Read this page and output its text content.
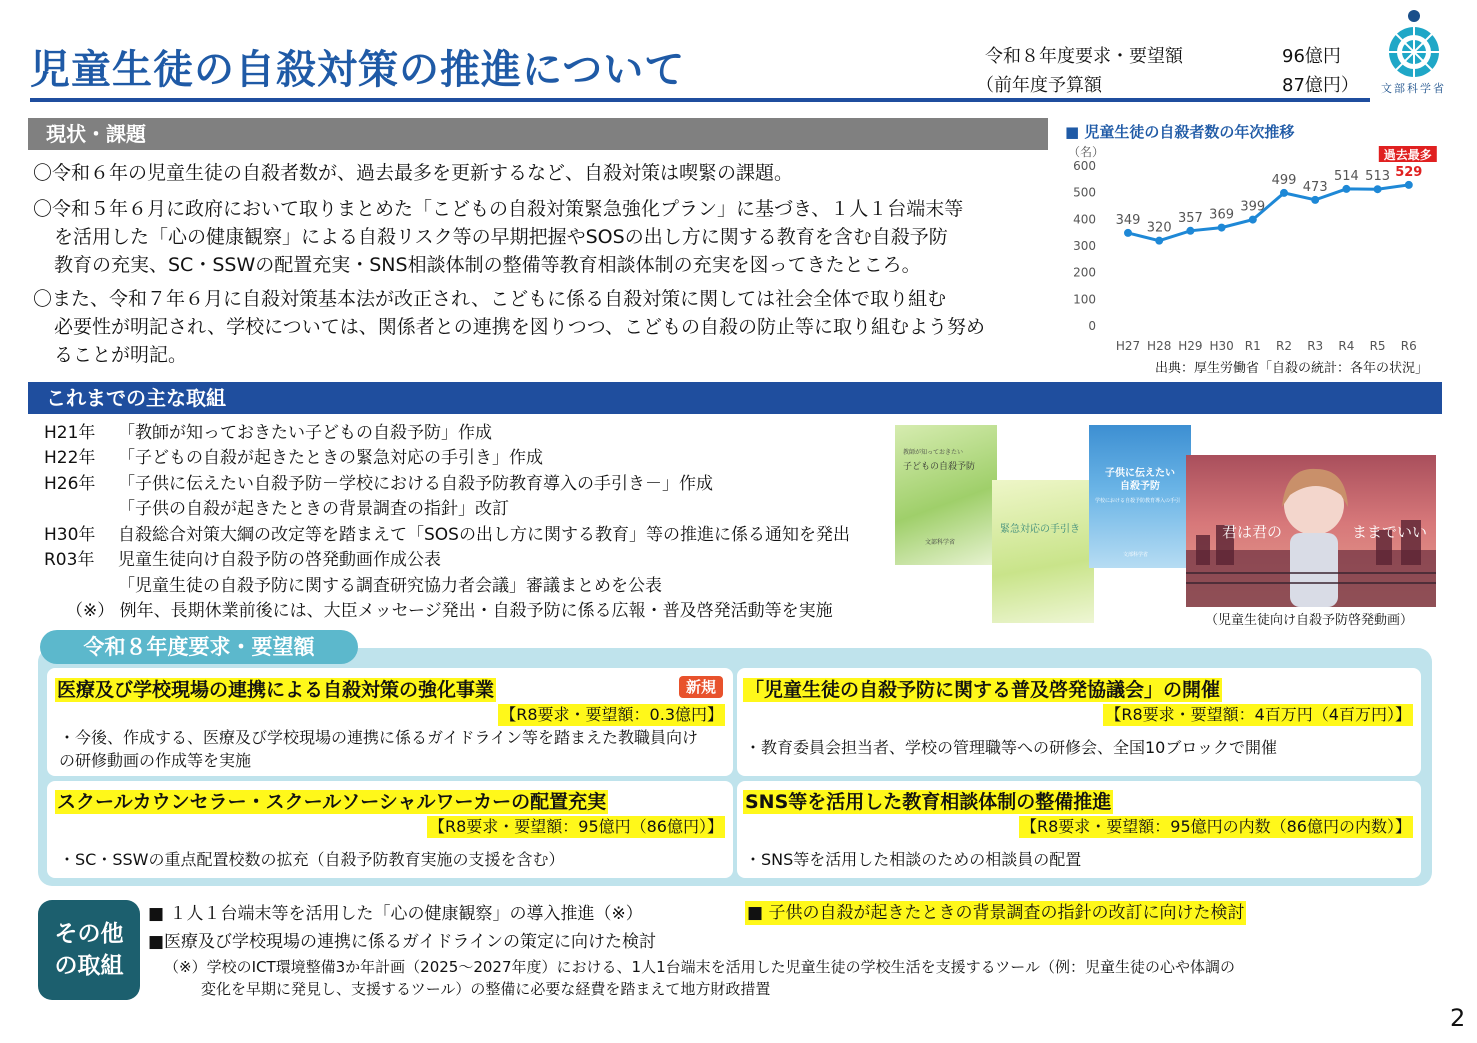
児童生徒の自殺対策の推進について	令和８年度要求・要望額	96億円
（前年度予算額	87億円） 文部科学省
現状・課題
〇令和６年の児童生徒の自殺者数が、過去最多を更新するなど、自殺対策は喫緊の課題。
〇令和５年６月に政府において取りまとめた「こどもの自殺対策緊急強化プラン」に基づき、１人１台端末等
を活用した「心の健康観察」による自殺リスク等の早期把握やSOSの出し方に関する教育を含む自殺予防
教育の充実、SC・SSWの配置充実・SNS相談体制の整備等教育相談体制の充実を図ってきたところ。
〇また、令和７年６月に自殺対策基本法が改正され、こどもに係る自殺対策に関しては社会全体で取り組む
必要性が明記され、学校については、関係者との連携を図りつつ、こどもの自殺の防止等に取り組むよう努め
ることが明記。
■ 児童生徒の自殺者数の年次推移
（名）
0
100
200
300
400
500
600
H27 H28 H29 H30 R1 R2 R3 R4 R5 R6
349
320
357 369
399
499 473
514 513 529
過去最多
出典：厚生労働省「自殺の統計：各年の状況」
これまでの主な取組
H21年 「教師が知っておきたい子どもの自殺予防」作成
H22年 「子どもの自殺が起きたときの緊急対応の手引き」作成
H26年 「子供に伝えたい自殺予防－学校における自殺予防教育導入の手引き－」作成
「子供の自殺が起きたときの背景調査の指針」改訂
H30年 自殺総合対策大綱の改定等を踏まえて「SOSの出し方に関する教育」等の推進に係る通知を発出
R03年 児童生徒向け自殺予防の啓発動画作成公表
「児童生徒の自殺予防に関する調査研究協力者会議」審議まとめを公表
（※） 例年、長期休業前後には、大臣メッセージ発出・自殺予防に係る広報・普及啓発活動等を実施
教師が知っておきたい
子どもの自殺予防
文部科学省
緊急対応の手引き
子供に伝えたい自殺予防
学校における自殺予防教育導入の手引
文部科学省
君は君の	ままでいい
（児童生徒向け自殺予防啓発動画）
令和８年度要求・要望額
医療及び学校現場の連携による自殺対策の強化事業	新規
【R8要求・要望額：0.3億円】
・今後、作成する、医療及び学校現場の連携に係るガイドライン等を踏まえた教職員向け
の研修動画の作成等を実施
「児童生徒の自殺予防に関する普及啓発協議会」の開催
【R8要求・要望額：4百万円（4百万円）】
・教育委員会担当者、学校の管理職等への研修会、全国10ブロックで開催
スクールカウンセラー・スクールソーシャルワーカーの配置充実
【R8要求・要望額：95億円（86億円）】
・SC・SSWの重点配置校数の拡充（自殺予防教育実施の支援を含む）
SNS等を活用した教育相談体制の整備推進
【R8要求・要望額：95億円の内数（86億円の内数）】
・SNS等を活用した相談のための相談員の配置
その他
の取組
■ １人１台端末等を活用した「心の健康観察」の導入推進（※）	■ 子供の自殺が起きたときの背景調査の指針の改訂に向けた検討
■医療及び学校現場の連携に係るガイドラインの策定に向けた検討
（※）学校のICT環境整備3か年計画（2025～2027年度）における、1人1台端末を活用した児童生徒の学校生活を支援するツール（例：児童生徒の心や体調の
変化を早期に発見し、支援するツール）の整備に必要な経費を踏まえて地方財政措置
2
